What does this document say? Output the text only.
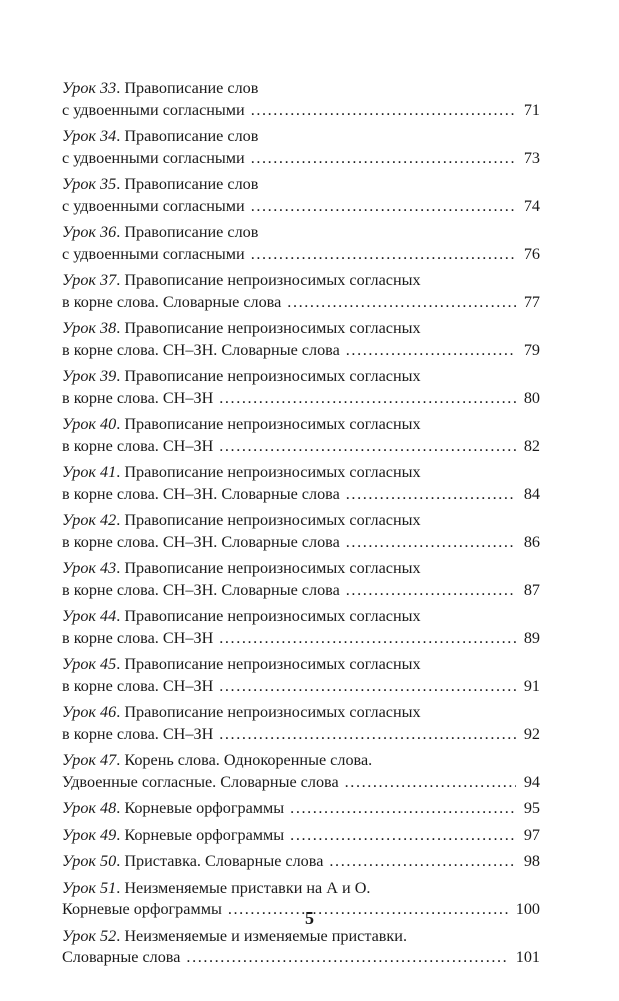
Урок 33. Правописание слов
с удвоенными согласными .....	71
Урок 34. Правописание слов
с удвоенными согласными .....	73
Урок 35. Правописание слов
с удвоенными согласными .....	74
Урок 36. Правописание слов
с удвоенными согласными .....	76
Урок 37. Правописание непроизносимых согласных
в корне слова. Словарные слова .....	77
Урок 38. Правописание непроизносимых согласных
в корне слова. СН–ЗН. Словарные слова .....	79
Урок 39. Правописание непроизносимых согласных
в корне слова. СН–ЗН .....	80
Урок 40. Правописание непроизносимых согласных
в корне слова. СН–ЗН .....	82
Урок 41. Правописание непроизносимых согласных
в корне слова. СН–ЗН. Словарные слова .....	84
Урок 42. Правописание непроизносимых согласных
в корне слова. СН–ЗН. Словарные слова .....	86
Урок 43. Правописание непроизносимых согласных
в корне слова. СН–ЗН. Словарные слова .....	87
Урок 44. Правописание непроизносимых согласных
в корне слова. СН–ЗН .....	89
Урок 45. Правописание непроизносимых согласных
в корне слова. СН–ЗН .....	91
Урок 46. Правописание непроизносимых согласных
в корне слова. СН–ЗН .....	92
Урок 47. Корень слова. Однокоренные слова.
Удвоенные согласные. Словарные слова .....	94
Урок 48. Корневые орфограммы .....	95
Урок 49. Корневые орфограммы .....	97
Урок 50. Приставка. Словарные слова .....	98
Урок 51. Неизменяемые приставки на А и О.
Корневые орфограммы .....	100
Урок 52. Неизменяемые и изменяемые приставки.
Словарные слова .....	101
5
